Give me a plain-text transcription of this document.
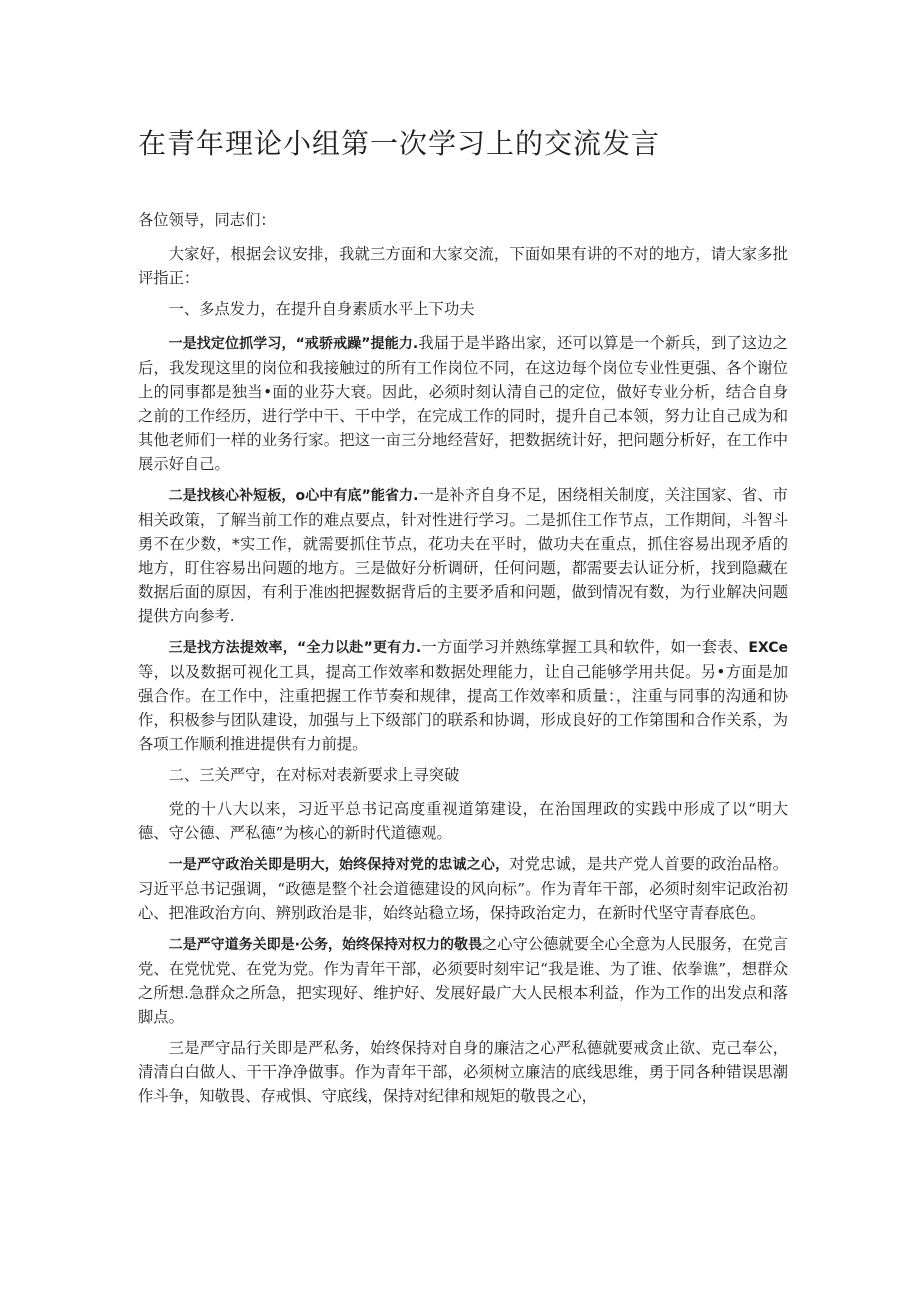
在青年理论小组第一次学习上的交流发言

各位领导，同志们：

大家好，根据会议安排，我就三方面和大家交流，下面如果有讲的不对的地方，请大家多批评指正：

一、多点发力，在提升自身素质水平上下功夫

一是找定位抓学习，“戒骄戒躁”提能力.我届于是半路出家，还可以算是一个新兵，到了这边之后，我发现这里的岗位和我接触过的所有工作岗位不同，在这边每个岗位专业性更强、各个谢位上的同事都是独当•面的业芬大衰。因此，必须时刻认清自己的定位，做好专业分析，结合自身之前的工作经历，进行学中干、干中学，在完成工作的同时，提升自己本领，努力让自己成为和其他老师们一样的业务行家。把这一亩三分地经营好，把数据统计好，把问题分析好，在工作中展示好自己。

二是找核心补短板，o心中有底”能省力.一是补齐自身不足，困绕相关制度，关注国家、省、市相关政策，了解当前工作的难点要点，针对性进行学习。二是抓住工作节点，工作期间，斗智斗勇不在少数，*实工作，就需要抓住节点，花功夫在平时，做功夫在重点，抓住容易出现矛盾的地方，盯住容易出问题的地方。三是做好分析调研，任何问题，都需要去认证分析，找到隐藏在数据后面的原因，有利于准凼把握数据背后的主要矛盾和问题，做到情况有数，为行业解决问题提供方向参考.

三是找方法提效率，“全力以赴”更有力.一方面学习并熟练掌握工具和软件，如一套表、EXCe等，以及数据可视化工具，提高工作效率和数据处理能力，让自己能够学用共促。另•方面是加强合作。在工作中，注重把握工作节奏和规律，提高工作效率和质量：，注重与同事的沟通和协作，积极参与团队建设，加强与上下级部门的联系和协调，形成良好的工作第围和合作关系，为各项工作顺利推进提供有力前提。

二、三关严守，在对标对表新要求上寻突破

党的十八大以来，习近平总书记高度重视道第建设，在治国理政的实践中形成了以“明大德、守公德、严私德”为核心的新时代道德观。

一是严守政治关即是明大，始终保持对党的忠诚之心，对党忠诚，是共产党人首要的政治品格。习近平总书记强调，“政德是整个社会道德建设的风向标”。作为青年干部，必须时刻牢记政治初心、把准政治方向、辨别政治是非，始终站稳立场，保持政治定力，在新时代坚守青春底色。

二是严守道务关即是·公务，始终保持对权力的敬畏之心守公德就要全心全意为人民服务，在党言党、在党忧党、在党为党。作为青年干部，必须要时刻牢记“我是谁、为了谁、依拳谯”，想群众之所想.急群众之所急，把实现好、维护好、发展好最广大人民根本利益，作为工作的出发点和落脚点。

三是严守品行关即是严私务，始终保持对自身的廉洁之心严私德就要戒贪止欲、克己奉公，清清白白做人、干干净净做事。作为青年干部，必须树立廉洁的底线思维，勇于同各种错误思潮作斗争，知敬畏、存戒惧、守底线，保持对纪律和规矩的敬畏之心，
